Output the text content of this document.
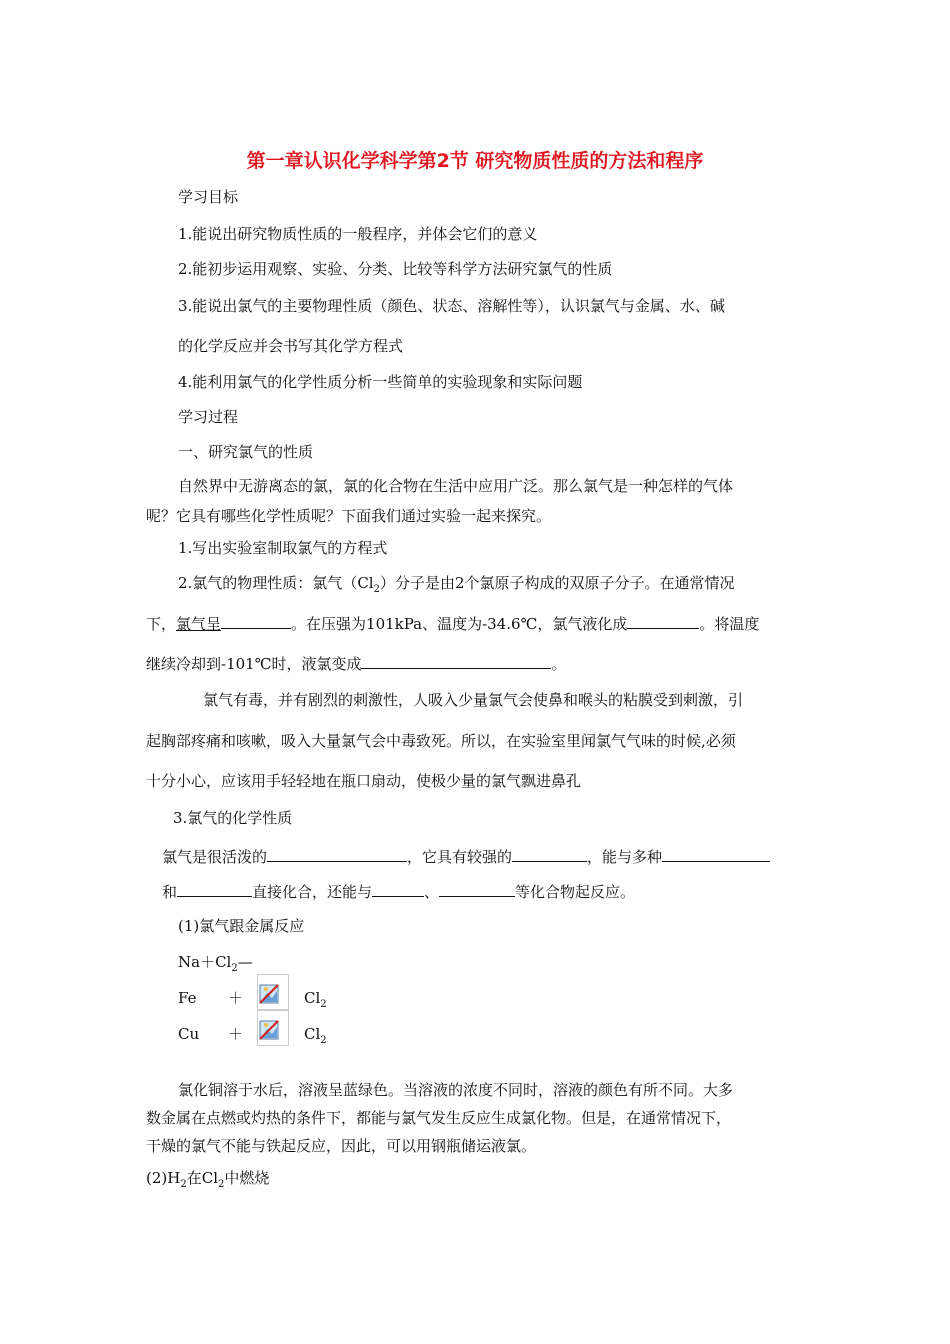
第一章认识化学科学第2节 研究物质性质的方法和程序
学习目标
1.能说出研究物质性质的一般程序，并体会它们的意义
2.能初步运用观察、实验、分类、比较等科学方法研究氯气的性质
3.能说出氯气的主要物理性质（颜色、状态、溶解性等），认识氯气与金属、水、碱
的化学反应并会书写其化学方程式
4.能利用氯气的化学性质分析一些简单的实验现象和实际问题
学习过程
一、研究氯气的性质
自然界中无游离态的氯，氯的化合物在生活中应用广泛。那么氯气是一种怎样的气体
呢？它具有哪些化学性质呢？下面我们通过实验一起来探究。
1.写出实验室制取氯气的方程式
2.氯气的物理性质：氯气$(Cl_2)$分子是由2个氯原子构成的双原子分子。在通常情况
下，氯气呈	。在压强为101kPa、温度为-34.6℃，氯气液化成	。将温度
继续冷却到-101℃时，液氯变成	。
氯气有毒，并有剧烈的刺激性，人吸入少量氯气会使鼻和喉头的粘膜受到刺激，引
起胸部疼痛和咳嗽，吸入大量氯气会中毒致死。所以，在实验室里闻氯气气味的时候,必须
十分小心，应该用手轻轻地在瓶口扇动，使极少量的氯气飘进鼻孔
3.氯气的化学性质
氯气是很活泼的	，它具有较强的	，能与多种
和	直接化合，还能与	、	等化合物起反应。
(1)氯气跟金属反应
$Na+Cl_2—$
Fe ＋	$Cl_2$
Cu ＋	$Cl_2$
氯化铜溶于水后，溶液呈蓝绿色。当溶液的浓度不同时，溶液的颜色有所不同。大多
数金属在点燃或灼热的条件下，都能与氯气发生反应生成氯化物。但是，在通常情况下，
干燥的氯气不能与铁起反应，因此，可以用钢瓶储运液氯。
$(2)H_2$在$Cl_2$中燃烧
